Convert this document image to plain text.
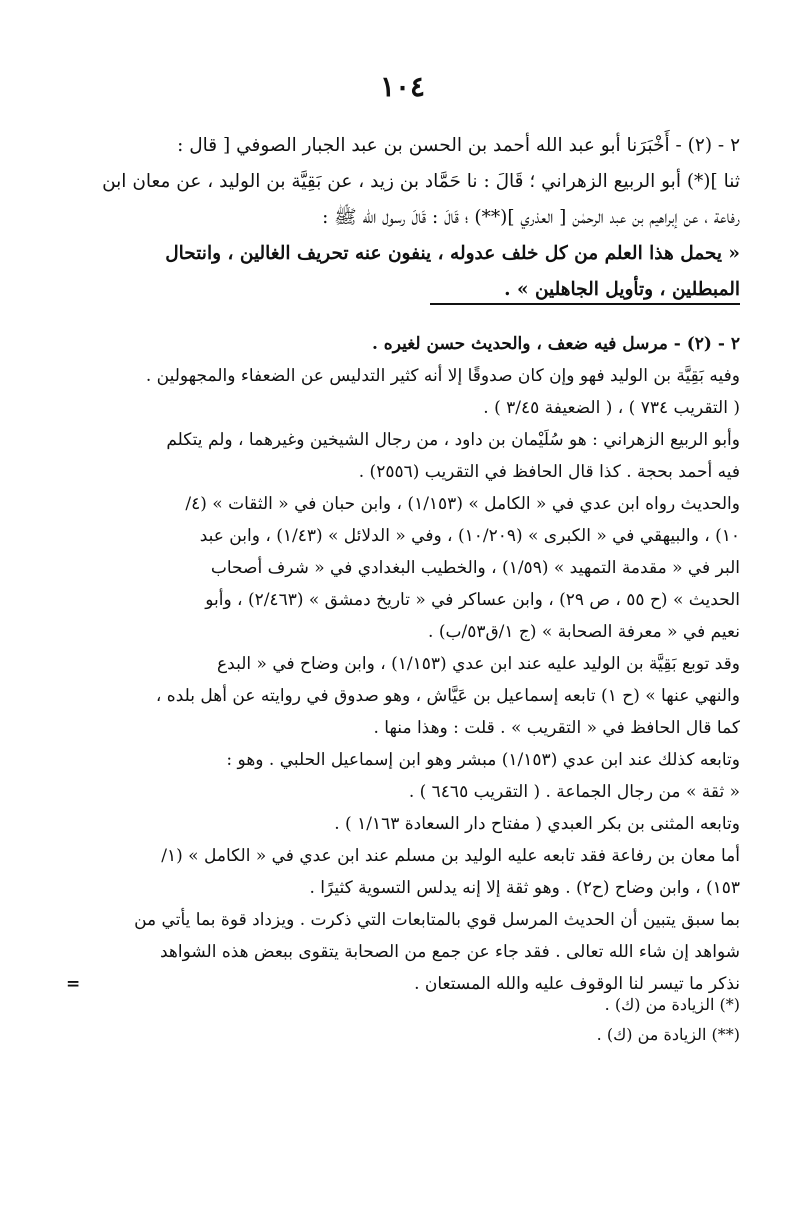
١٠٤
٢ - (٢) - أَخْبَرَنا أبو عبد الله أحمد بن الحسن بن عبد الجبار الصوفي [ قال :
ثنا ](*) أبو الربيع الزهراني ؛ قَالَ : نا حَمَّاد بن زيد ، عن بَقِيَّة بن الوليد ، عن معان ابن
رفاعة ، عن إبراهيم بن عبد الرحمٰن [ العذري ](**) ؛ قَالَ : قَالَ رسول الله ﷺ :
« يحمل هذا العلم من كل خلف عدوله ، ينفون عنه تحريف الغالين ، وانتحال
المبطلين ، وتأويل الجاهلين » .
٢ - (٢) - مرسل فيه ضعف ، والحديث حسن لغيره .
وفيه بَقِيَّة بن الوليد فهو وإن كان صدوقًا إلا أنه كثير التدليس عن الضعفاء والمجهولين .
( التقريب ٧٣٤ ) ، ( الضعيفة ٣/٤٥ ) .
وأبو الربيع الزهراني : هو سُلَيْمان بن داود ، من رجال الشيخين وغيرهما ، ولم يتكلم
فيه أحمد بحجة . كذا قال الحافظ في التقريب (٢٥٥٦) .
والحديث رواه ابن عدي في « الكامل » (١/١٥٣) ، وابن حبان في « الثقات » (٤/
١٠) ، والبيهقي في « الكبرى » (١٠/٢٠٩) ، وفي « الدلائل » (١/٤٣) ، وابن عبد
البر في « مقدمة التمهيد » (١/٥٩) ، والخطيب البغدادي في « شرف أصحاب
الحديث » (ح ٥٥ ، ص ٢٩) ، وابن عساكر في « تاريخ دمشق » (٢/٤٦٣) ، وأبو
نعيم في « معرفة الصحابة » (ج ١/ق٥٣/ب) .
وقد توبع بَقِيَّة بن الوليد عليه عند ابن عدي (١/١٥٣) ، وابن وضاح في « البدع
والنهي عنها » (ح ١) تابعه إسماعيل بن عَيَّاش ، وهو صدوق في روايته عن أهل بلده ،
كما قال الحافظ في « التقريب » . قلت : وهذا منها .
وتابعه كذلك عند ابن عدي (١/١٥٣) مبشر وهو ابن إسماعيل الحلبي . وهو :
« ثقة » من رجال الجماعة . ( التقريب ٦٤٦٥ ) .
وتابعه المثنى بن بكر العبدي ( مفتاح دار السعادة ١/١٦٣ ) .
أما معان بن رفاعة فقد تابعه عليه الوليد بن مسلم عند ابن عدي في « الكامل » (١/
١٥٣) ، وابن وضاح (ح٢) . وهو ثقة إلا إنه يدلس التسوية كثيرًا .
بما سبق يتبين أن الحديث المرسل قوي بالمتابعات التي ذكرت . ويزداد قوة بما يأتي من
شواهد إن شاء الله تعالى . فقد جاء عن جمع من الصحابة يتقوى ببعض هذه الشواهد
نذكر ما تيسر لنا الوقوف عليه والله المستعان .
=
(*) الزيادة من (ك) .
(**) الزيادة من (ك) .
